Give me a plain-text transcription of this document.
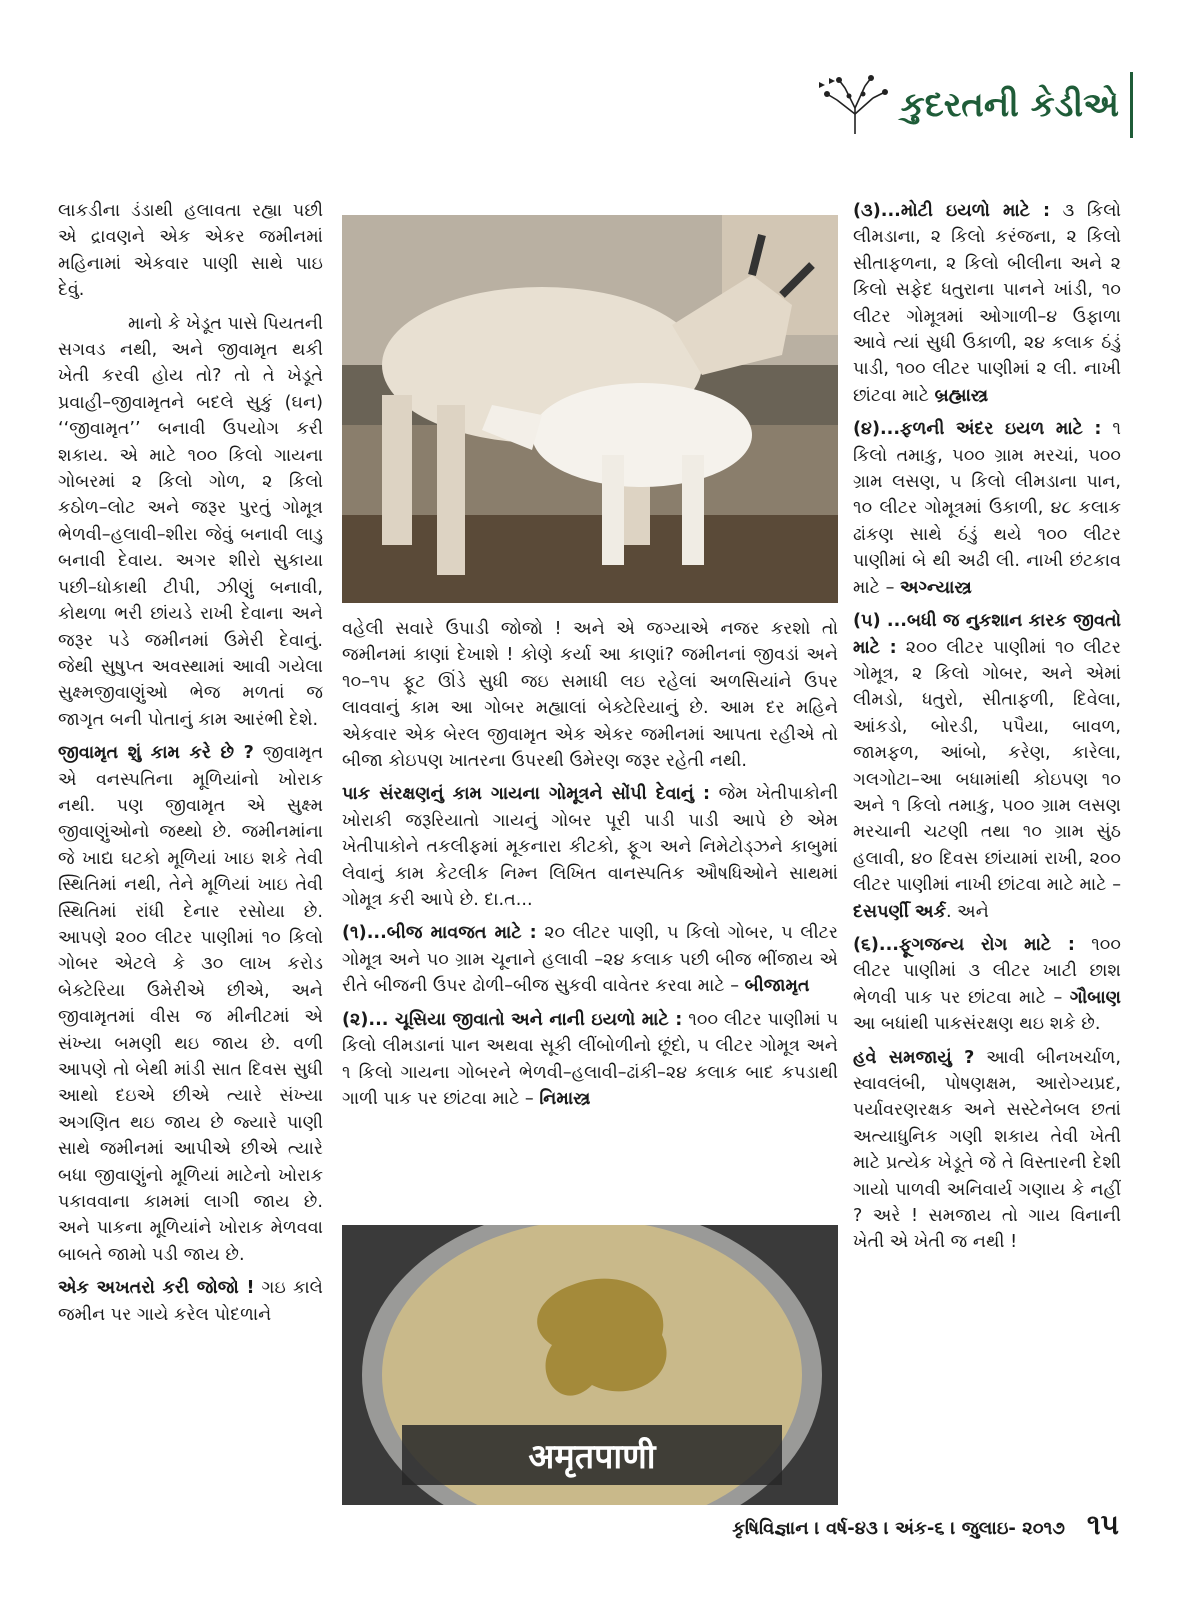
કુદરતની કેડીએ

લાકડીના ડંડાથી હલાવતા રહ્યા પછી એ દ્રાવણને એક એકર જમીનમાં મહિનામાં એકવાર પાણી સાથે પાઇ દેવું.

માનો કે ખેડૂત પાસે પિયતની સગવડ નથી, અને જીવામૃત થકી ખેતી કરવી હોય તો? તો તે ખેડૂતે પ્રવાહી–જીવામૃતને બદલે સુકું (ઘન) ‘‘જીવામૃત’’ બનાવી ઉપયોગ કરી શકાય. એ માટે ૧૦૦ કિલો ગાયના ગોબરમાં ૨ કિલો ગોળ, ૨ કિલો કઠોળ–લોટ અને જરૂર પુરતું ગોમૂત્ર ભેળવી–હલાવી–શીરા જેવું બનાવી લાડુ બનાવી દેવાય. અગર શીરો સુકાયા પછી–ધોકાથી ટીપી, ઝીણું બનાવી, કોથળા ભરી છાંયડે રાખી દેવાના અને જરૂર પડે જમીનમાં ઉમેરી દેવાનું. જેથી સુષુપ્ત અવસ્થામાં આવી ગયેલા સુક્ષ્મજીવાણુંઓ ભેજ મળતાં જ જાગૃત બની પોતાનું કામ આરંભી દેશે.

જીવામૃત શું કામ કરે છે ? જીવામૃત એ વનસ્પતિના મૂળિયાંનો ખોરાક નથી. પણ જીવામૃત એ સુક્ષ્મ જીવાણુંઓનો જથ્થો છે. જમીનમાંના જે ખાદ્ય ઘટકો મૂળિયાં ખાઇ શકે તેવી સ્થિતિમાં નથી, તેને મૂળિયાં ખાઇ તેવી સ્થિતિમાં રાંધી દેનાર રસોયા છે. આપણે ૨૦૦ લીટર પાણીમાં ૧૦ કિલો ગોબર એટલે કે ૩૦ લાખ કરોડ બેક્ટેરિયા ઉમેરીએ છીએ, અને જીવામૃતમાં વીસ જ મીનીટમાં એ સંખ્યા બમણી થઇ જાય છે. વળી આપણે તો બેથી માંડી સાત દિવસ સુધી આથો દઇએ છીએ ત્યારે સંખ્યા અગણિત થઇ જાય છે જ્યારે પાણી સાથે જમીનમાં આપીએ છીએ ત્યારે બધા જીવાણુંનો મૂળિયાં માટેનો ખોરાક પકાવવાના કામમાં લાગી જાય છે. અને પાકના મૂળિયાંને ખોરાક મેળવવા બાબતે જામો પડી જાય છે.

એક અખતરો કરી જોજો ! ગઇ કાલે જમીન પર ગાયે કરેલ પોદળાને

વહેલી સવારે ઉપાડી જોજો ! અને એ જગ્યાએ નજર કરશો તો જમીનમાં કાણાં દેખાશે ! કોણે કર્યા આ કાણાં? જમીનનાં જીવડાં અને ૧૦–૧૫ ફૂટ ઊંડે સુધી જઇ સમાધી લઇ રહેલાં અળસિયાંને ઉપર લાવવાનું કામ આ ગોબર મહ્યાલાં બેક્ટેરિયાનું છે. આમ દર મહિને એકવાર એક બેરલ જીવામૃત એક એકર જમીનમાં આપતા રહીએ તો બીજા કોઇપણ ખાતરના ઉપરથી ઉમેરણ જરૂર રહેતી નથી.

પાક સંરક્ષણનું કામ ગાયના ગોમૂત્રને સોંપી દેવાનું : જેમ ખેતીપાકોની ખોરાકી જરૂરિયાતો ગાયનું ગોબર પૂરી પાડી પાડી આપે છે એમ ખેતીપાકોને તકલીફમાં મૂકનારા કીટકો, ફૂગ અને નિમેટોડ્ઝને કાબુમાં લેવાનું કામ કેટલીક નિમ્ન લિખિત વાનસ્પતિક ઔષધિઓને સાથમાં ગોમૂત્ર કરી આપે છે. દા.ત...

(૧)...બીજ માવજત માટે : ૨૦ લીટર પાણી, ૫ કિલો ગોબર, ૫ લીટર ગોમૂત્ર અને ૫૦ ગ્રામ ચૂનાને હલાવી –૨૪ કલાક પછી બીજ ભીંજાય એ રીતે બીજની ઉપર ઢોળી–બીજ સુકવી વાવેતર કરવા માટે – બીજામૃત

(૨)... ચૂસિયા જીવાતો અને નાની ઇયળો માટે : ૧૦૦ લીટર પાણીમાં ૫ કિલો લીમડાનાં પાન અથવા સૂકી લીંબોળીનો છૂંદો, ૫ લીટર ગોમૂત્ર અને ૧ કિલો ગાયના ગોબરને ભેળવી–હલાવી–ઢાંકી–૨૪ કલાક બાદ કપડાથી ગાળી પાક પર છાંટવા માટે – નિમાસ્ત્ર

अमृतपाणी

(૩)...મોટી ઇયળો માટે : ૩ કિલો લીમડાના, ૨ કિલો કરંજના, ૨ કિલો સીતાફળના, ૨ કિલો બીલીના અને ૨ કિલો સફેદ ધતુરાના પાનને ખાંડી, ૧૦ લીટર ગોમૂત્રમાં ઓગાળી–૪ ઉફાળા આવે ત્યાં સુધી ઉકાળી, ૨૪ કલાક ઠંડું પાડી, ૧૦૦ લીટર પાણીમાં ૨ લી. નાખી છાંટવા માટે બ્રહ્માસ્ત્ર

(૪)...ફળની અંદર ઇયળ માટે : ૧ કિલો તમાકુ, ૫૦૦ ગ્રામ મરચાં, ૫૦૦ ગ્રામ લસણ, ૫ કિલો લીમડાના પાન, ૧૦ લીટર ગોમૂત્રમાં ઉકાળી, ૪૮ કલાક ઢાંકણ સાથે ઠંડું થયે ૧૦૦ લીટર પાણીમાં બે થી અઢી લી. નાખી છંટકાવ માટે – અગ્ન્યાસ્ત્ર

(૫) ...બધી જ નુકશાન કારક જીવતો માટે : ૨૦૦ લીટર પાણીમાં ૧૦ લીટર ગોમૂત્ર, ૨ કિલો ગોબર, અને એમાં લીમડો, ધતુરો, સીતાફળી, દિવેલા, આંકડો, બોરડી, પપૈયા, બાવળ, જામફળ, આંબો, કરેણ, કારેલા, ગલગોટા–આ બધામાંથી કોઇપણ ૧૦ અને ૧ કિલો તમાકુ, ૫૦૦ ગ્રામ લસણ મરચાની ચટણી તથા ૧૦ ગ્રામ સુંઠ હલાવી, ૪૦ દિવસ છાંયામાં રાખી, ૨૦૦ લીટર પાણીમાં નાખી છાંટવા માટે માટે – દસપર્ણી અર્ક. અને

(૬)...ફૂગજન્ય રોગ માટે : ૧૦૦ લીટર પાણીમાં ૩ લીટર ખાટી છાશ ભેળવી પાક પર છાંટવા માટે – ગૌબાણ આ બધાંથી પાકસંરક્ષણ થઇ શકે છે.

હવે સમજાયું ? આવી બીનખર્ચાળ, સ્વાવલંબી, પોષણક્ષમ, આરોગ્યપ્રદ, પર્યાવરણરક્ષક અને સસ્ટેનેબલ છતાં અત્યાધુનિક ગણી શકાય તેવી ખેતી માટે પ્રત્યેક ખેડૂતે જે તે વિસ્તારની દેશી ગાયો પાળવી અનિવાર્ય ગણાય કે નહીં ? અરે ! સમજાય તો ગાય વિનાની ખેતી એ ખેતી જ નથી !

કૃષિવિજ્ઞાન । વર્ષ-૪૩ । અંક-૬ । જુલાઇ- ૨૦૧૭ ૧૫
